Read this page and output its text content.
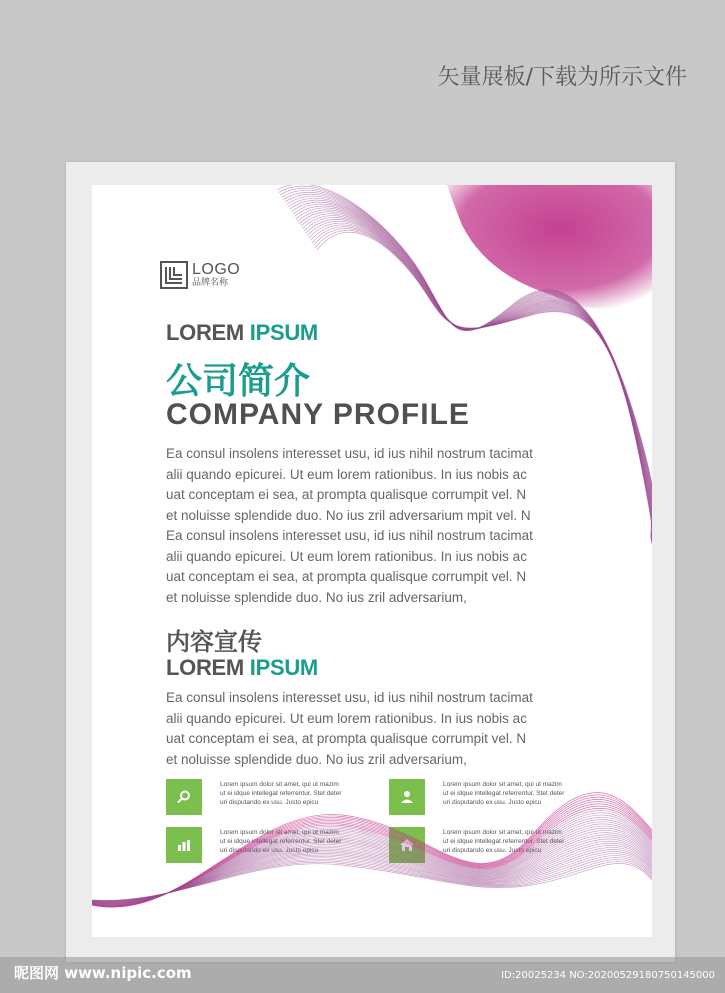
矢量展板/下载为所示文件
LOGO
品牌名称
LOREM IPSUM
公司简介
COMPANY PROFILE
Ea consul insolens interesset usu, id ius nihil nostrum tacimat
alii quando epicurei. Ut eum lorem rationibus. In ius nobis ac
uat conceptam ei sea, at prompta qualisque corrumpit vel. N
et noluisse splendide duo. No ius zril adversarium mpit vel. N
Ea consul insolens interesset usu, id ius nihil nostrum tacimat
alii quando epicurei. Ut eum lorem rationibus. In ius nobis ac
uat conceptam ei sea, at prompta qualisque corrumpit vel. N
et noluisse splendide duo. No ius zril adversarium,
内容宣传
LOREM IPSUM
Ea consul insolens interesset usu, id ius nihil nostrum tacimat
alii quando epicurei. Ut eum lorem rationibus. In ius nobis ac
uat conceptam ei sea, at prompta qualisque corrumpit vel. N
et noluisse splendide duo. No ius zril adversarium,
Lorem ipsum dolor sit amet, qui ut mazim
ut ei idque intellegat referrentur. Stet deter
uri disputando ex usu. Justo epicu
Lorem ipsum dolor sit amet, qui ut mazim
ut ei idque intellegat referrentur. Stet deter
uri disputando ex usu. Justo epicu
Lorem ipsum dolor sit amet, qui ut mazim
ut ei idque intellegat referrentur. Stet deter
uri disputando ex usu. Justo epicu
Lorem ipsum dolor sit amet, qui ut mazim
ut ei idque intellegat referrentur. Stet deter
uri disputando ex usu. Justo epicu
昵图网 www.nipic.com	ID:20025234 NO:20200529180750145000
